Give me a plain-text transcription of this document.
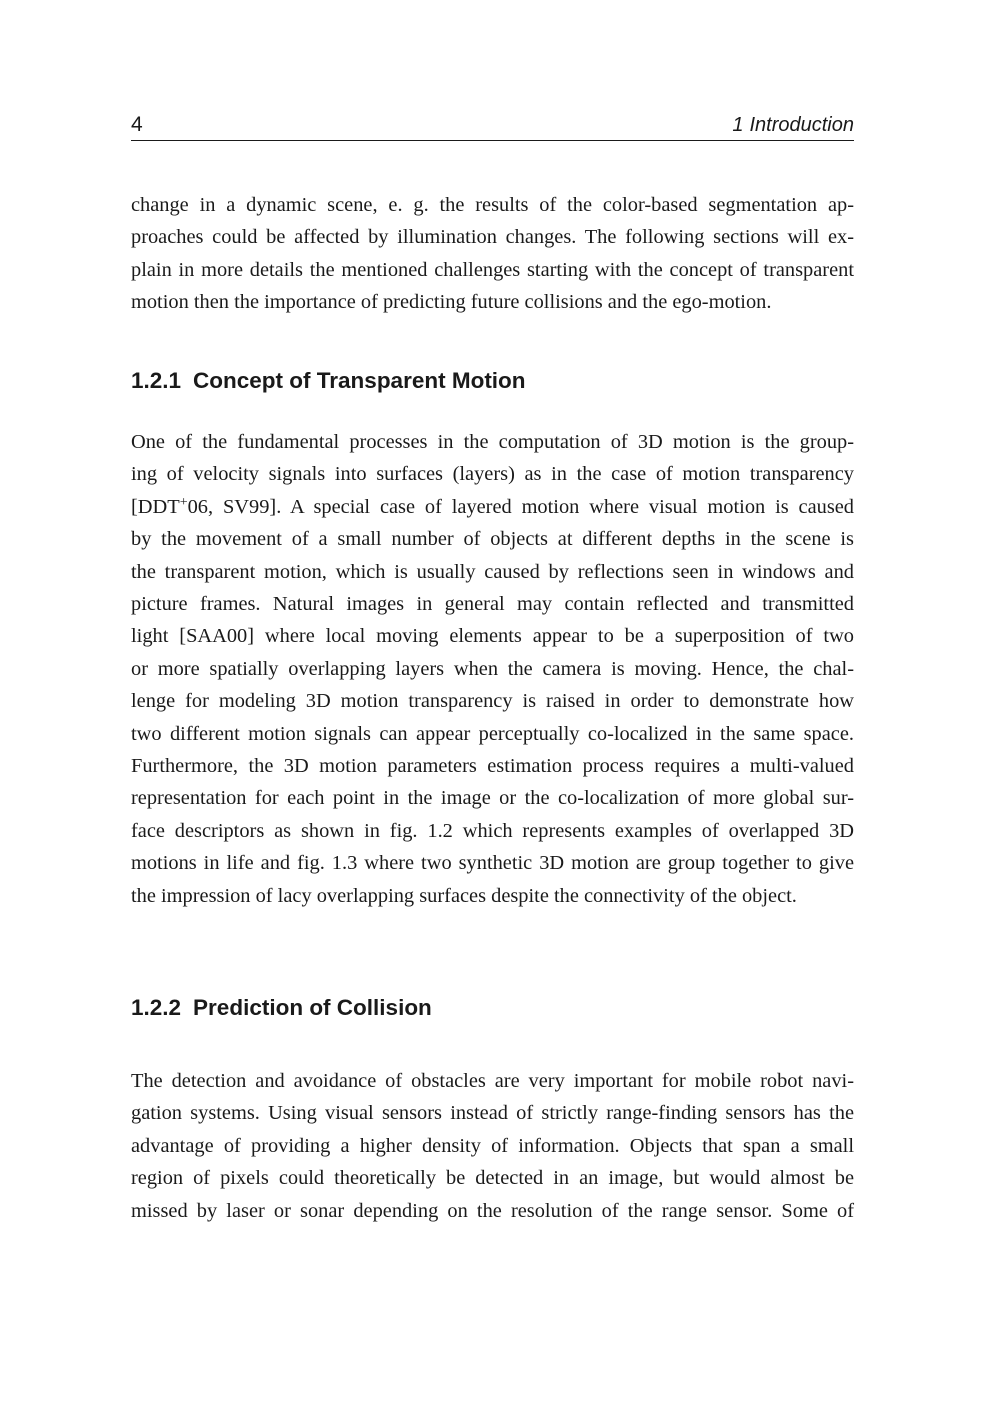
4	1 Introduction
change in a dynamic scene, e. g. the results of the color-based segmentation ap-
proaches could be affected by illumination changes. The following sections will ex-
plain in more details the mentioned challenges starting with the concept of transparent
motion then the importance of predicting future collisions and the ego-motion.
1.2.1 Concept of Transparent Motion
One of the fundamental processes in the computation of 3D motion is the group-
ing of velocity signals into surfaces (layers) as in the case of motion transparency
[DDT+06, SV99]. A special case of layered motion where visual motion is caused
by the movement of a small number of objects at different depths in the scene is
the transparent motion, which is usually caused by reflections seen in windows and
picture frames. Natural images in general may contain reflected and transmitted
light [SAA00] where local moving elements appear to be a superposition of two
or more spatially overlapping layers when the camera is moving. Hence, the chal-
lenge for modeling 3D motion transparency is raised in order to demonstrate how
two different motion signals can appear perceptually co-localized in the same space.
Furthermore, the 3D motion parameters estimation process requires a multi-valued
representation for each point in the image or the co-localization of more global sur-
face descriptors as shown in fig. 1.2 which represents examples of overlapped 3D
motions in life and fig. 1.3 where two synthetic 3D motion are group together to give
the impression of lacy overlapping surfaces despite the connectivity of the object.
1.2.2 Prediction of Collision
The detection and avoidance of obstacles are very important for mobile robot navi-
gation systems. Using visual sensors instead of strictly range-finding sensors has the
advantage of providing a higher density of information. Objects that span a small
region of pixels could theoretically be detected in an image, but would almost be
missed by laser or sonar depending on the resolution of the range sensor. Some of
